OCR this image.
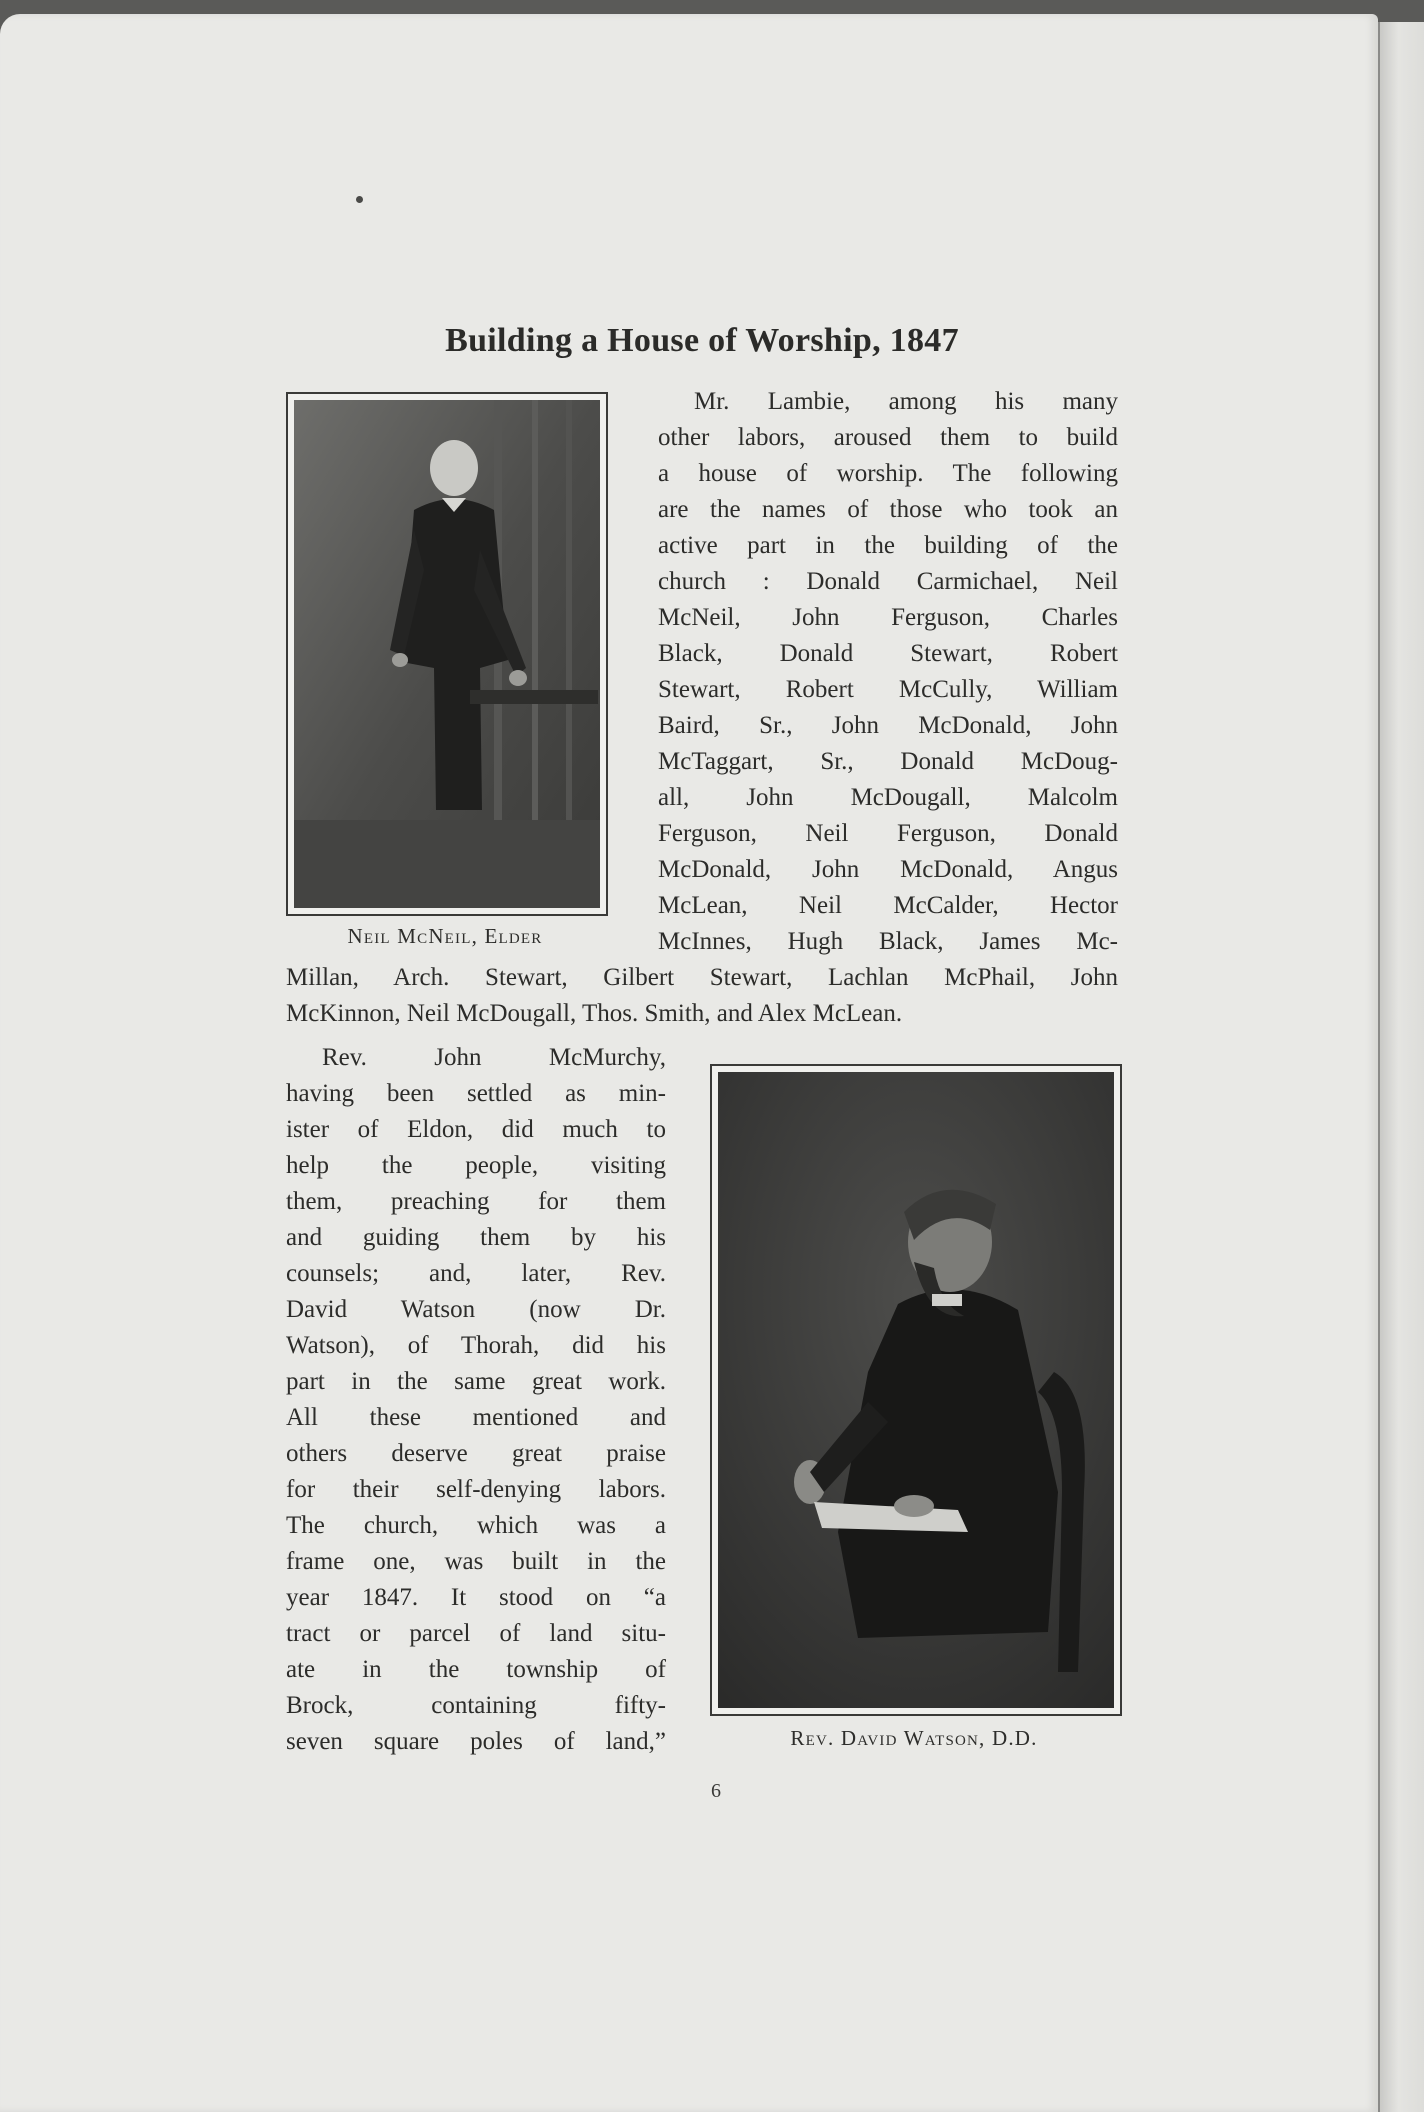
Building a House of Worship, 1847
Neil McNeil, Elder
Mr. Lambie, among his many
other labors, aroused them to build
a house of worship. The following
are the names of those who took an
active part in the building of the
church : Donald Carmichael, Neil
McNeil, John Ferguson, Charles
Black, Donald Stewart, Robert
Stewart, Robert McCully, William
Baird, Sr., John McDonald, John
McTaggart, Sr., Donald McDoug-
all, John McDougall, Malcolm
Ferguson, Neil Ferguson, Donald
McDonald, John McDonald, Angus
McLean, Neil McCalder, Hector
McInnes, Hugh Black, James Mc-
Millan, Arch. Stewart, Gilbert Stewart, Lachlan McPhail, John
McKinnon, Neil McDougall, Thos. Smith, and Alex McLean.
Rev. David Watson, D.D.
Rev. John McMurchy,
having been settled as min-
ister of Eldon, did much to
help the people, visiting
them, preaching for them
and guiding them by his
counsels; and, later, Rev.
David Watson (now Dr.
Watson), of Thorah, did his
part in the same great work.
All these mentioned and
others deserve great praise
for their self-denying labors.
The church, which was a
frame one, was built in the
year 1847. It stood on “a
tract or parcel of land situ-
ate in the township of
Brock, containing fifty-
seven square poles of land,”
6
